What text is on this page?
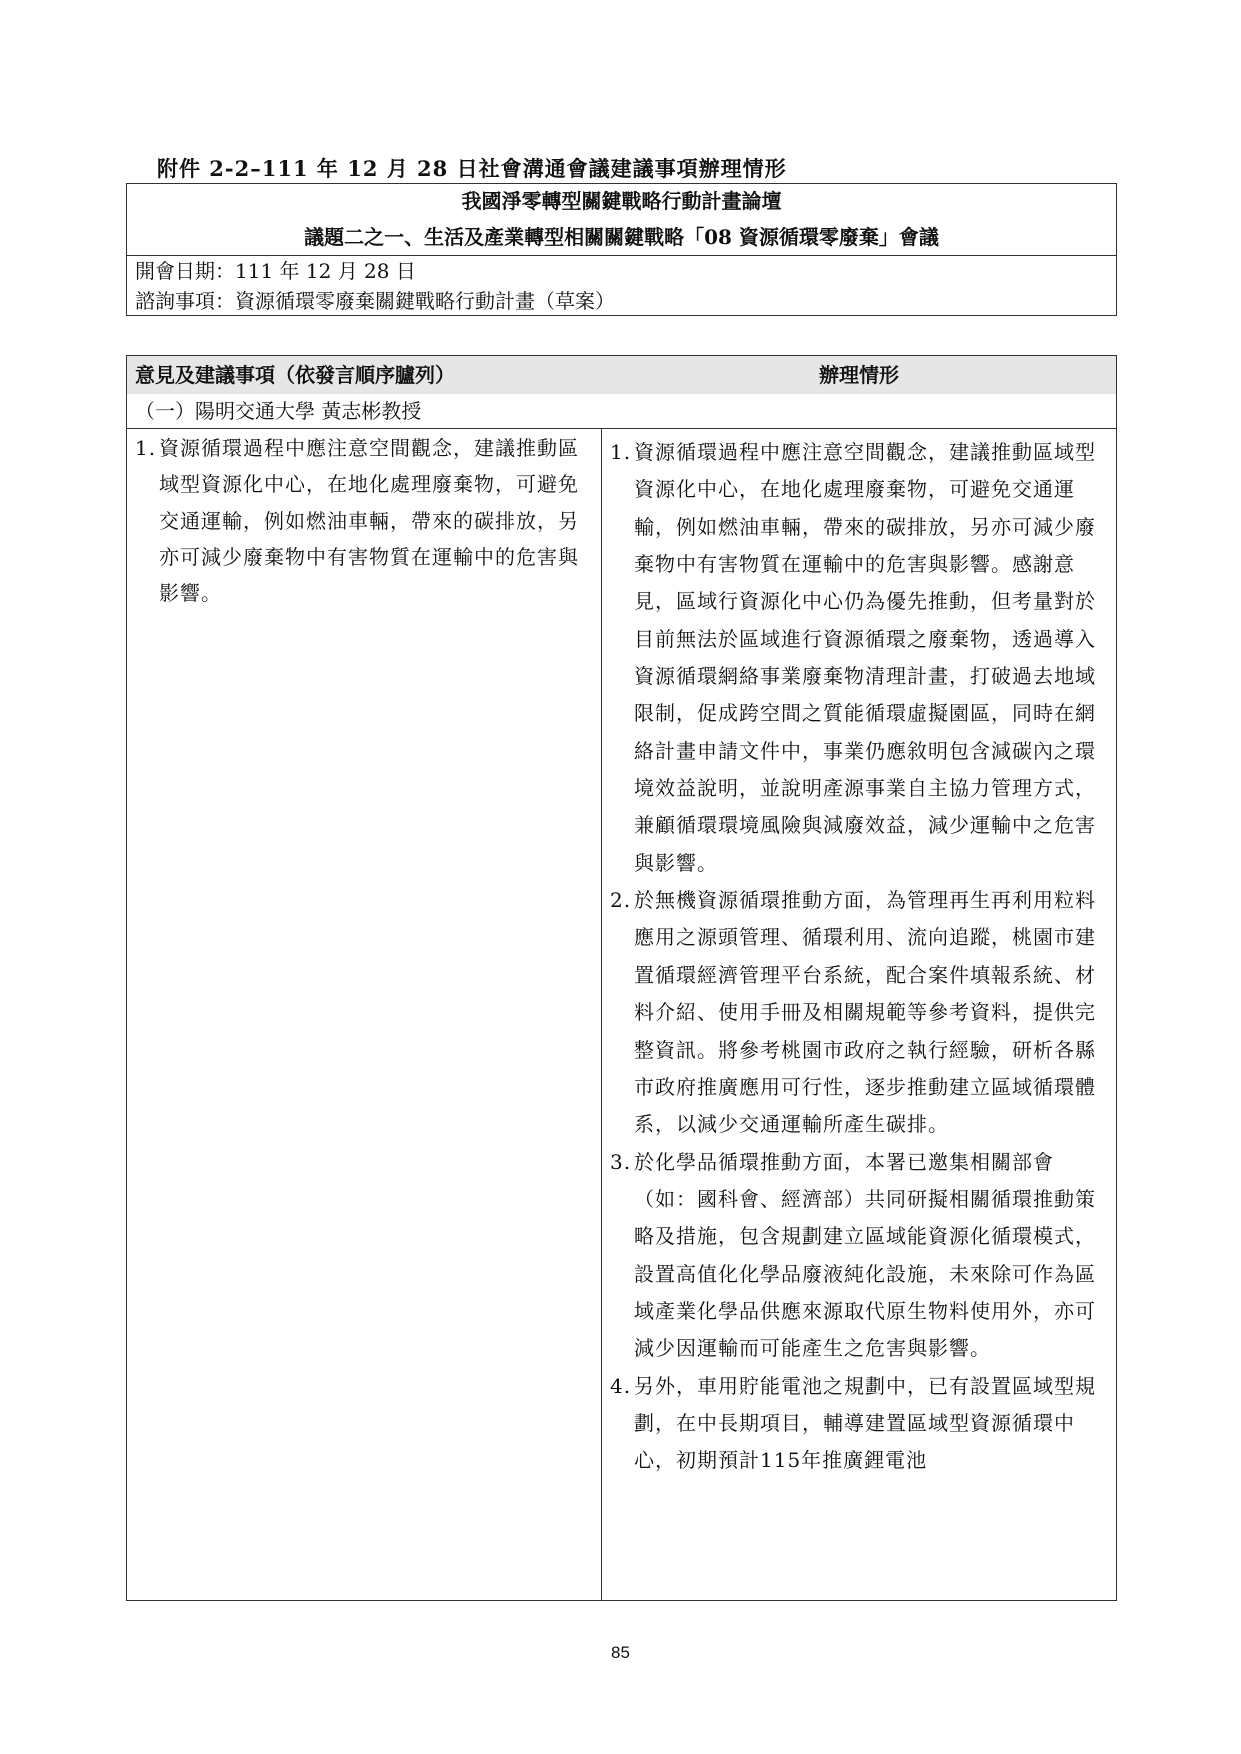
附件 2-2–111 年 12 月 28 日社會溝通會議建議事項辦理情形
我國淨零轉型關鍵戰略行動計畫論壇
議題二之一、生活及產業轉型相關關鍵戰略「08 資源循環零廢棄」會議
開會日期：111 年 12 月 28 日
諮詢事項：資源循環零廢棄關鍵戰略行動計畫（草案）
意見及建議事項（依發言順序臚列）	辦理情形
（一）陽明交通大學 黃志彬教授

1. 資源循環過程中應注意空間觀念，建議推動區域型資源化中心，在地化處理廢棄物，可避免交通運輸，例如燃油車輛，帶來的碳排放，另亦可減少廢棄物中有害物質在運輸中的危害與影響。

1. 資源循環過程中應注意空間觀念，建議推動區域型資源化中心，在地化處理廢棄物，可避免交通運輸，例如燃油車輛，帶來的碳排放，另亦可減少廢棄物中有害物質在運輸中的危害與影響。感謝意見，區域行資源化中心仍為優先推動，但考量對於目前無法於區域進行資源循環之廢棄物，透過導入資源循環網絡事業廢棄物清理計畫，打破過去地域限制，促成跨空間之質能循環虛擬園區，同時在網絡計畫申請文件中，事業仍應敘明包含減碳內之環境效益說明，並說明產源事業自主協力管理方式，兼顧循環環境風險與減廢效益，減少運輸中之危害與影響。

2. 於無機資源循環推動方面，為管理再生再利用粒料應用之源頭管理、循環利用、流向追蹤，桃園市建置循環經濟管理平台系統，配合案件填報系統、材料介紹、使用手冊及相關規範等參考資料，提供完整資訊。將參考桃園市政府之執行經驗，研析各縣市政府推廣應用可行性，逐步推動建立區域循環體系，以減少交通運輸所產生碳排。

3. 於化學品循環推動方面，本署已邀集相關部會（如：國科會、經濟部）共同研擬相關循環推動策略及措施，包含規劃建立區域能資源化循環模式，設置高值化化學品廢液純化設施，未來除可作為區域產業化學品供應來源取代原生物料使用外，亦可減少因運輸而可能產生之危害與影響。

4. 另外，車用貯能電池之規劃中，已有設置區域型規劃，在中長期項目，輔導建置區域型資源循環中心，初期預計115年推廣鋰電池

85
